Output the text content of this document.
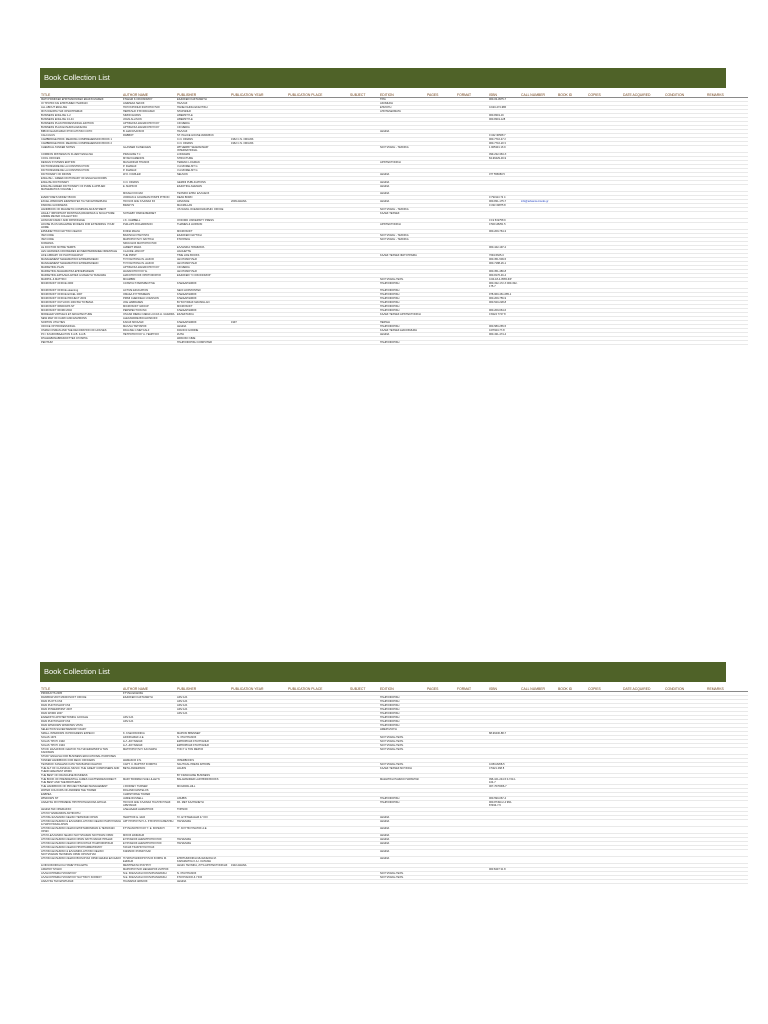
Book Collection List
TITLE	AUTHOR NAME	PUBLISHER	PUBLICATION YEAR	PUBLICATION PLACE	SUBJECT	EDITION	PAGES	FORMAT	ISBN	CALL NUMBER	BOOK ID	COPIES	DATE ACQUIRED	CONDITION	REMARKS
ΦΩΤΟΓΡΑΦΙΚΕΣ ΕΠΙΣΤΗΜΟΝΙΚΕΣ ΕΝΑΣΧΟΛΗΣΕΙΣ	ΣΤΑΘΗΣ Κ.ΟΙΚΟΝΟΜΟΥ	ΕΚΔΟΣΕΙΣ ΚΑΣΤΑΝΙΩΤΗ				ΤΡΙΑ			960-03-3975-7						
ΟΙ ΤΡΟΠΟΙ ΚΑΙ ΕΠΙΣΤΗΜΕΣ ΓΛΩΣΣΩΝ	ΑΝΔΡΕΑΣ ΛΕΚΟΣ	ΠΑΛΛΑΣ				ΑΚΟΜΗΣΗ									
ALL ABOUT ENGLISH	ΠΟΛΥΚΡΟΝΗΣ ΦΩΤΟΠΟΥΛΟΣ	ΠΑΝΕΛΛΗΝΙΑ ΕΚΔΟΤΙΚΗ				ΕΠΙΛΟΓΗ			0-620-474-986						
ΦΥΛΛΟΔΟΡΙΑ ΤΗΣ ΟΡΘΟΓΡΑΦΙΑΣ	ΠΕΡΙΚΛΗΣ ΣΤΑΥΡΑΚΑΚΗΣ	ΝΤΑΡΩΝΗΣ				ΑΠΟΤΕΛΕΣΜΑΤΑ									
BUSINESS ENGLISH 1-2	SIMON EVANS	LIBERSTYLE							960-8319-16						
BUSINESS ENGLISH 13-44	JOHN ALLISON	LIBERSTYLE							960-8319-128						
BUSINESS PLAN PROFESSIONAL EDITION	ΑΡΤΙΣΗΣΚΑ ΘΑΝΑΣΟΠΟΥΛΟΥ	CD MEDIA													
BUSINESS PLAN ΕΛΛΗΝΙΚΗ ΕΚΔΟΣΗ	ΑΡΤΙΣΗΣΚΑ ΘΑΝΑΣΟΠΟΥΛΟΥ	CD MEDIA													
ΒΙΒΛΙΟ ΕΞΑΣΚΗΣΗΣ ΣΤΟΝ ΑΓΓΛΙΚΟ ΛΟΓΟ	Β. ΔΙΑΣΟΛΑΣΚΟΣ	ΠΑΛΛΑΣ				ΑΘΗΝΑ									
CALCULUS	RABBOT	ST. PALICE HOUSE WARWICK							0 342 30568 7						
CAMBRIDGE PROF. READING COMPREHENSION BOOK 1		C.N. ORIANS	1962 C.N. ORIANS						960-7716-47 2						
CAMBRIDGE PROF. READING COMPREHENSION BOOK 2		C.N. ORIANS	1962 C.N. ORIANS						960-7716-20 3						
CHEMICAL TANKER NOTES	GLASSER KLINECHEN	WITHERBY SEAMANSHIP INTERNATIONAL				ΝΑΥΤΙΛΙΑΚΗ - ΤΕΧΝΙΚΑ			1 905331 16 9						
COMMON MISTAKES IN FLUENT ENGLISH	PRACHIKE T.J.	LONGMAN							099-232-363-X						
COOL OFFICES	MYAM KAMENOS	STRUCTURE							84-96429-30-9						
DESIGN SYSTEMS EDITION	ΜΑΛΙΑΣΦΗΣ ΤΡΑΝΟΣ	TERENC LOGMAN				ΑΡΧΙΤΕΚΤΟΝΙΚΗ									
DICTIONNAIRE DE LA CONSTRUCTION	P. DHANAF	V.A MORELIST G													
DICTIONNAIRE DE LA CONSTRUCTION	P. DHANAF	V.A MORELIST G													
DICTIONARY OF IDIOMS	W.O. FOWLER	NELSON				ΑΘΗΝΑ			077 556683 5						
ENGLISH - GREEK DICTIONARY OF ENGLISH IDIOMS															
ENGLISH DICTIONARY	C.N. ORIANS	GEMINI PUBLICATIONS				ΑΘΗΝΑ									
ENGLISH-GREEK DICTIONARY OF PURE & APPLIED MATHEMATICS VOLUME I	Ε. ΜΑΡΚΟΣ	ΕΚΔΟΤΙΚΗ ΑΘΗΝΩΝ				ΑΘΗΝΑ									
	ΜΙΧΑΗΛ ΚΟΛΙΑΣ	ΤΕΧΝΙΚΟ ΕΠΙΜ. ΕΛΛΑΔΟΣ				ΑΘΗΝΑ									
EVERYONE'S MONEY BOOK	JORDAN & GOLDMAN ΡΟΜΠΙ ΡΙΤΣΟΝ	DEAN BORN							0 793114 72 4						
EXCEL WINDOWS ΕΦΑΡΜΟΓΕΣ ΓΙΑ ΤΗΝ ΕΠΙΧΕΙΡΗΣΗ	ΠΑΥΛΟΣ ΑΝΗ ΚΛΑΙΝΑΣ ΣΣ	ADVANCE	2009 ΑΘΗΝΑ			ΑΘΗΝΑ			960-831-175-7	info@advance-books.gr					
FINDING GOODNESS	BRADY'S	MACMILLAN							0 333 33875 8						
HANDBOOK OF MAGNETIC COMPASS ADJUSTMENT		US NAVAL OCEANOGRAPHIC OFFICE				ΝΑΥΤΙΛΙΑΚΗ - ΤΕΧΝΙΚΑ									
HIGHLY IMPORTANT PAINTINGS,DRAWINGS & SCULPTURE: ANDRE MEYER COLLECTION	SOTHEBY PARKE BERNET					ΚΑΛΕΣ ΤΕΧΝΕΣ									
HONOUR FAMILY AND PATRONAGE	J.K. CAMBELL	OXFORD UNIVERSITY PRESS							0 19 519758 9						
HOUSE PLUS MAGAZINE 99 IDEAS FOR EXTENDING YOUR HOME	PHILLIPS RICHARDSON	THAMES & HUDSON				ΑΡΧΙΤΕΚΤΟΝΙΚΗ			0 500 28251 5						
ΕΡΜΗΝΕΥΤΙΚΟ ΝΑΥΤΙΚΟ ΛΕΞΙΚΟ	ΣΟΦΙΑ ΜΑΪΛΗ	MICROSOFT							960-209-764-3						
ISM CODE	ΒΑΣΙΛΙΚΗ ΝΤΑΟΥΝΤΑ	ΕΚΔΟΣΕΙΣ ΝΑΥΤΙΚΗ				ΝΑΥΤΙΛΙΑΚΗ - ΤΕΧΝΙΚΑ									
ISM CODE	ΜΑΡΙΟΠΟΥΛΟΥ ΝΑΥΤΙΚΗ	ΣΤΑΥΡΑΚΗ				ΝΑΥΤΙΛΙΑΚΗ - ΤΕΧΝΙΚΑ									
ΚΟΙΝΩΝΙΑ	ΝΙΚΟΛΑΟΣ ΜΑΥΡΟΠΟΥΛΟΣ														
LE DOCTOR NOTRE TEMPS	ALBERT MARA	ΕΛΛΗΝΙΚΑ ΓΡΑΜΜΑΤΑ							960-442-197-2						
LES GRANDES CROISIERES EN MEDITERRANEE ORIENTALE	CLAUDE JANCOT	HACHETTE													
LIFE LIBRARY OF PHOTOGRAPHY	THE PRINT	TIME LIFE BOOKS				ΚΑΛΕΣ ΤΕΧΝΕΣ ΦΩΤΟΓΡΑΦΙΑ			7694-5625-3						
MANAGEMENT ΜΑΘΗΜΑΤΙΚΟΙ ΕΠΙΧΕΙΡΗΣΕΩΝ	ΤΟΥΧΑΝΤΟΝΑΙ Ν. ΔΑΣΟΣ	ΑΘ.ΣΤΑΜΟΥΛΗΣ							960-351-509-5						
MANAGEMENT ΜΑΘΗΜΑΤΙΚΟΙ ΕΠΙΧΕΙΡΗΣΕΩΝ	ΤΟΥΧΑΝΤΟΝΑΙ Ν. ΔΑΣΟΣ	ΑΘ.ΣΤΑΜΟΥΛΗΣ							960-7188-26-1						
MARKETING PLAN	ΑΡΤΙΣΗΣΚΑ ΘΑΝΑΣΟΠΟΥΛΟΥ	CD MEDIA													
MARKETING ΜΑΘΗΜΑΤΙΚΑ ΕΠΙΧΕΙΡΗΣΕΩΝ	ΘΑΝΑΣΟΠΟΥΛΟΥ Ε.	ΑΘ.ΣΤΑΜΟΥΛΗΣ							960-351-480-8						
MARKETING ΕΡΓΑΛΕΙΑ ΑΡΧΕΣ & ΜΑΘΗΤΗ ΤΑΧΕΙΩΣΗ	ΔΙΑΚΟΠΟΥΛΟΣ ΧΡΙΣΤΟΦΟΡΟΣ	ΕΚΔΟΣΕΙΣ "Ο ΟΙΚΟΝΟΜΟΣ"							960-8176-46-4						
MARPOL & MATTIKO	MCAMBIN					ΝΑΥΤΙΛΙΑΚΗ-ΤΕΧΝ.			0-90-18-4-0565-6/P						
MICROSOFT OFFICE 2000	CATAPULT PERSPECTIVE	ΚΛΕΙΔΑΡΙΘΜΟΣ				ΠΛΗΡΟΦΟΡΙΚΗ			960-332-172-X 960-332-175-7						
MICROSOFT OFFICE elearning	ACTIVE EDUCATION	ΝΕΟΙ ΗΟΡΙΖΟΝΤΕΣ				ΠΛΗΡΟΦΟΡΙΚΗ									
MICROSOFT OFFICE EXCEL 2007	ΟΜΑΔΑ ΣΥΓΓΡΑΦΕΩΝ	ΚΛΕΙΔΑΡΙΘΜΟΣ				ΠΛΗΡΟΦΟΡΙΚΗ			978-960-461-085-1						
MICROSOFT OFFICE PROJECT 2003	PRIMI CHEFFIELD JOHNSON	ΚΛΕΙΔΑΡΙΘΜΟΣ				ΠΛΗΡΟΦΟΡΙΚΗ			960-209-756-9						
MICROSOFT OUTLOOK 2003 ΒΗ ΤΟ ΒΗΜΑ	JOE HABRAKEN	Β.ΓΚΙΟΥΡΔΑΣ MACMILLAN				ΠΛΗΡΟΦΟΡΙΚΗ			960-520-228-8						
MICROSOFT WINDOWS NT	MICROSOFT GROUP	MICROSOFT				ΠΛΗΡΟΦΟΡΙΚΗ									
MICROSOFT WORD 2002	PERSPECTION INC	ΚΛΕΙΔΑΡΙΘΜΟΣ				ΠΛΗΡΟΦΟΡΙΚΗ			960-209-664-6						
MODELED VIRTUELS ET ARCHITECTURE	OSCAR RIERA OJEDA LUCAS H. GUERRA	ΕΚΛΕΚΤΑΣΚΑ				ΚΑΛΕΣ ΤΕΧΝΕΣ ΑΡΧΙΤΕΚΤΟΝΙΚΗ			0 8224 7747 8						
NEW MAP OF KAIRO AND ENVIRONS	ALEXANDRE BOCHOSKOFF														
NORTON UTILITIES	ΣΑΚΑΣ ΜΙΧΑΛΗΣ	ΚΛΕΙΔΑΡΙΘΜΟΣ	1997			ΠΕΙΡΑΙΑ									
OFFICE XP PROFESSIONAL	ΜΑΛΛΙΑ ΤΑΡΤΑΡΟΣ	ΑΘΗΝΑ				ΠΛΗΡΟΦΟΡΙΚΗ			960-580-265-5						
OSMAN OSMAN AND THE DECORATION OF HOUSES	PAULINE C.METCALF	DAVID R.GODINE				ΚΑΛΕΣ ΤΕΧΝΕΣ ΔΙΑΚΟΣΜΗΣΗ			0-87923-77-8						
PC / ΣΛΑΣΣΟΒΑΔΑ ΡΟΝ Σ.Α.Β. & Α.Β.	ΠΕΤΡΟΠΟΥΛΟΥ Α. ΓΕΩΡΓΙΟΣ	ΖΗΤΗ				ΑΘΗΝΑ			960-431-474-4						
ΡΛΙΗΘΑΒΟΝΑΒΡΑΚΚΙΣΤΤΕΣ ΟΛΥΜΠΙΑ		ΘΡΑΚΙΚΟ ΛΙΜΕ													
PENTIUM		ΠΛΗΡΟΦΟΡΙΚΗ COMPUTER				ΠΛΗΡΟΦΟΡΙΚΗ									
Book Collection List
TITLE	AUTHOR NAME	PUBLISHER	PUBLICATION YEAR	PUBLICATION PLACE	SUBJECT	EDITION	PAGES	FORMAT	ISBN	CALL NUMBER	BOOK ID	COPIES	DATE ACQUIRED	CONDITION	REMARKS
PRODUCTS 2005	ΣΤΥΛΙΑ ΕΚΔΟΣΗ														
RAINBOW 2007 MICROSOFT OFFICE	ΕΚΔΟΣΕΙΣ ΚΑΣΤΑΝΙΩΤΗ	ADV.A.R.				ΠΛΗΡΟΦΟΡΙΚΗ									
RAIN PLOTS CS3		ADV.A.R.				ΠΛΗΡΟΦΟΡΙΚΗ									
RAIN PHOTOSHOP CS3		ADV.A.R.				ΠΛΗΡΟΦΟΡΙΚΗ									
RAIN POWERPOINT 2007		ADV.A.R.				ΠΛΗΡΟΦΟΡΙΚΗ									
RAIN WORD 2007		ADV.A.R.				ΠΛΗΡΟΦΟΡΙΚΗ									
ΕΝΑΕΣΣΤΟ ΑΡΧΙΤΕΚΤΟΝΙΚΗ GOOGLE	ADV.A.R.					ΠΛΗΡΟΦΟΡΙΚΗ									
RAIN PHOTOSHOP CS3	ADV.A.R.					ΠΛΗΡΟΦΟΡΙΚΗ									
RAIN WINDOWS WINDOWS VISTA						ΠΛΗΡΟΦΟΡΙΚΗ									
SELECTION SILVER MEMORY DIARY						ΗΜΕΡΟΛΟΓΙΑ									
SMALL INTERIORS IN PROGRESS EXPECO	Κ. ΚΛΕΟΣΚΟΝΙΚΑ	ΜΑΡΙΟΝ ΒΡΕΝΝΕΡ							88-96430-88-7						
SOLAS 1974	ΔΙΟΝΙΚΗΣΗΣ Α.Ε.	Ν. ΣΤΑΥΡΙΑΝΟΣ				ΝΑΥΤΙΛΙΑΚΗ-ΤΕΧΝ.									
SOLAS ΤΡΟΠ. 1992	Δ.Λ. ΔΟΥΝΑΚΗΣ	ΕΜΠΟΡΙΚΗΣ ΣΤΑΥΡΙΑΝΗΣ				ΝΑΥΤΙΛΙΑΚΗ-ΤΕΧΝ.									
SOLAS ΤΡΟΠ. 1994	Δ.Λ. ΔΟΥΝΑΚΗΣ	ΕΜΠΟΡΙΚΗΣ ΣΤΑΥΡΙΑΝΗΣ				ΝΑΥΤΙΛΙΑΚΗ-ΤΕΧΝ.									
STCW. ΘΑΛΑΣΣΙΟΣ ΟΔΗΓΟΣ ΓΙΑ ΤΗΝ ΕΦΑΡΜΟΓΗ ΤΩΝ ΚΑΝΟΝΩΝ	ΜΗΤΡΟΠΟΥΛΟΥ ΚΑΛΛΙΩΡΗ	ΤΟΝ Γ & ΤΟΝ ΜΕΡΟΣ				ΝΑΥΤΙΛΙΑΚΗ-ΤΕΧΝ.									
STUDY ENGLISH FOR BUSINESS EDUCATIONAL PURPOSES															
TANKER HANDBOOK FOR DECK OFFICERS	ΘΩΜΑΚΟΣ Ζ.Ν.	INTERBOOKS													
ΤΕΧΝΙΚΟΣ ΧΑΝΔΗΛΙΚ ΚΑΤΑ ΤΩΝ ΒΑΡΩΝ ΟΔΗΓΟΣ	CAPT. C. BAPTIST ΣΟΦΙΡΤΑ	NAUTICAL PRESS ΙΜΠΟΡΕ				ΝΑΥΤΙΛΙΑΚΗ-ΤΕΧΝ.			0-950-8268-5						
THE ALT OF CLASSICAL MUSIC: THE GREAT COMPOSERS AND THEIR GREATEST WORK	BETH ANDERSON	HAUDS				ΚΑΛΕΣ ΤΕΧΝΕΣ ΜΟΥΣΙΚΗ			0 5321 468 8						
THE BEST OF FRANCHISE BUSINESS		BY FRANCHISE BUSINESS													
THE BOOK OF PRESIDENTIAL JAMES CHATTENDEN DIRECT: THE BEST AND THE BROTHERS	MARY BORMAN SUE LILLEYN	BALAMANDER LADYBIRD BOOKS				ΜΑΘΗΤΙΚΗ ΠΑΙΔΙΚΟ ΠΑΡΑΜΥΘΙ			096-101-244-5 0-7214-104-7						
THE HANDBOOK OF PROJECT BASED MANAGEMENT	J.RODNEY TURNER	MCGRAW-HILL							007-7076066-7						
WATER COLOURS OF ANDREW THE TOWER	ROLAND DANTELOS														
ΕΑΒΡΕΑ	CHRISTOPHE TOWER														
WINDOWS NT	JAMIE RUSSELL	ANUBIS				ΠΛΗΡΟΦΟΡΙΚΗ			960-590-067-4						
ΑΝΑΔΥΣΗ ΙΣΧΥΡΙΣΜΕΝΗ ΠΡΟΤΡΟΠΗ ΕΚΟΝΑ ΑΡΧΑΙΑ	ΠΑΥΛΟΣ ΑΝΗ ΚΛΑΙΝΑΣ ΓΚΑΛΤΣΟΥΝΗΣ ΑΡΕΤΑΚΗΣ	ΡΑ. ΜΕΤ ΚΑΛΠΑΝΕΤΗ				ΠΛΗΡΟΦΟΡΙΚΗ			960-87493-2-4 960-87493-7-5						
ΑΘΗΝΑ ΤΗΣ ΟΡΕΣΙΑΣΣΟ	ΑΛΕΞΙΑΔΗΣ ΔΗΜΗΤΡΙΟΣ	ΤΟΡΝΟΣ													
ΑΓΓΛΟΥ ΕΝΦΑΝΣΟΝ ΑΝΤΙΚΟΙΤΗ															
ΑΓΓΛΙΚΗ ΕΛΛΗΝΙΚΟ ΛΕΞΙΚΟ ΤΕΧΝΙΚΩΝ ΟΡΩΝ	ΓΕΩΡΓΙΟΣ Ε. ΘΩΣ	ΓΛ. ΕΥΣΤΑΘΙΑΔΗΣ & ΥΙΟΙ				ΑΘΗΝΑ									
ΑΓΓΛΙΚΟ-ΕΛΛΗΝΙΚΟ & ΕΛΛΗΝΙΚΟ-ΑΓΓΛΙΚΟ ΛΕΞΙΚΟ ΠΑΡΟΥΣΙΑΣΗ & ΠΑΡΟΥΣΙΑΣΗ ΑΡΩΝ	ΑΡΓΥΡΟΠΟΥΛΟΥ Α. ΣΤΑΥΡΟΥΛΑ ΒΕΛΤΣΗ	ΠΑΠΑΖΗΣΗ				ΑΘΗΝΑ									
ΑΓΓΛΙΚΟ-ΕΛΛΗΝΙΚΟ ΛΕΞΙΚΟ ΕΠΙΣΤΗΜΟΝΙΚΩΝ & ΤΕΧΝΙΚΩΝ ΟΡΩΝ	ΣΤΥΛΙΑΝΟΠΟΥΛΟΥ Γ. Ε. ΣΚΡΕΚΟΥ	ΓΓ. ΚΟΥΤΣΟΥΝΑΤΟΣ Α.Ε.				ΑΘΗΝΑ									
ΑΓΓΛΟ-ΕΛΛΗΝΙΚΟ ΛΕΞΙΚΟ ΝΑΥΤΙΛΙΑΚΩΝ ΝΑΥΤΙΚΩΝ ΟΡΩΝ	ΜΙΧΟΣ ΖΑΦΑΚΗΣ					ΑΘΗΝΑ									
ΑΓΓΛΙΚΟ-ΕΛΛΗΝΙΚΟ ΛΕΞΙΚΟ ΟΡΩΝ ΝΑΥΤΙΛΙΑΚΗΣ ΠΡΑΞΗΣ	ΕΥΣΤΑΘΙΟΣ ΔΗΜΗΤΡΟΠΟΥΛΟΣ	ΠΑΠΑΖΗΣΗ				ΑΘΗΝΑ									
ΑΓΓΛΙΚΟ-ΕΛΛΗΝΙΚΟ ΛΕΞΙΚΟ ΟΡΟΛΟΓΙΑΣ ΠΛΗΡΟΦΟΡΙΚΗΣ	ΕΥΣΤΑΘΙΟΣ ΔΗΜΗΤΡΟΠΟΥΛΟΣ	ΠΑΠΑΖΗΣΗ				ΑΘΗΝΑ									
ΑΓΓΛΙΚΟ-ΕΛΛΗΝΙΚΟ ΛΕΞΙΚΟ ΠΡΟΓΡΑΜΜΑΤΙΣΜΟΥ	ΤΑΚΗΣ ΤΣΑΚΠΟΥΛΟΥΚΑΣ														
ΑΓΓΛΙΚΟ-ΕΛΛΗΝΙΚΟ & ΕΛΛΗΝΙΚΟ-ΑΓΓΛΙΚΟ ΛΕΞΙΚΟ ΝΑΥΤΙΛΙΑΚΩΝ ΤΕΧΝΙΚΩΝ ΟΡΩΝ ΟΡΟΛΟΓΙΑΣ	ΚΩΝ/ΝΟΣ ΣΤΑΜΟΥΛΑΣ					ΑΘΗΝΑ									
ΑΓΓΛΙΚΟ-ΕΛΛΗΝΙΚΟ ΛΕΞΙΚΟ ΒΙΟΛΟΓΙΑΣ ΟΡΩΝ ΑΘΗΝΑ ΕΛΛΑΔΟΣ	Π.ΠΑΠΑΓΙΑΝΝΟΠΟΥΛΟΣ ΣΟΦΡΗ Μ. ΕΙΔΙΚΗΣ	ΕΠΙΣΤΗΜΟΝΙΚΗ ΜΗ ΕΚΔΟΣΗ Μ. ΚΑΡΑΜΗΤΣΑ Χ.Α.Ι. ΚΑΤΑΝΙΑ				ΑΘΗΝΑ									
ΔΙ ΦΙΛΟΣΟΦΙΚΗ ΚΑΙ ΤΑΜΕΥΤΙΚΑ ΕΡΓΑ	ΜΕΝΤΡΕΑΤΗ ΣΤΑΥΡΟΥ	ΑΘΗΝ. ΤΕΧΝΙΚΑ, ΖΥΓΑ ΑΡΧΙΤΕΚΤΟΝΙΚΗΣ	1932 ΑΘΗΝΑ												
ΑΙΣΩΠΟΥ ΜΥΘΟΙ	ΜΑΡΙΟΠΟΥΛΟΣ ΘΕΟΔΩΡΟΣ ΖΗΤΡΟΣ								960 8437 31 8						
ΑΛΛΗΛΟΓΡΑΦΙΑ ΠΛΟΙΑΡΧΟΥ	Ν.Ε. ΣΚΕΛΛΑΚΗ ΣΟΧΛΟΠΑΝΑΡΑΚΗ	Ν. ΣΤΑΥΡΙΑΝΟΣ				ΝΑΥΤΙΛΙΑΚΗ-ΤΕΧΝ.									
ΑΛΛΗΛΟΓΡΑΦΙΑ ΠΛΟΙΑΡΧΟΥ ΝΑΥΤΙΚΟΥ ΚΟΣΜΟΥ	Ν.Ε. ΣΚΕΛΛΑΚΗ ΣΟΧΛΟΠΑΝΑΡΑΚΗ	ΣΤΑΥΡΙΑΝΟΣ & ΥΙΟΣ				ΝΑΥΤΙΛΙΑΚΗ-ΤΕΧΝ.									
ΑΝΑΛΥΣΗ ΤΗΣ ΕΡΩΤΗΣΗΣ	ΓΚΑΝΑΡΑΣ ΘΡΑΣΟΣ	ΑΘΗΝΑ													
